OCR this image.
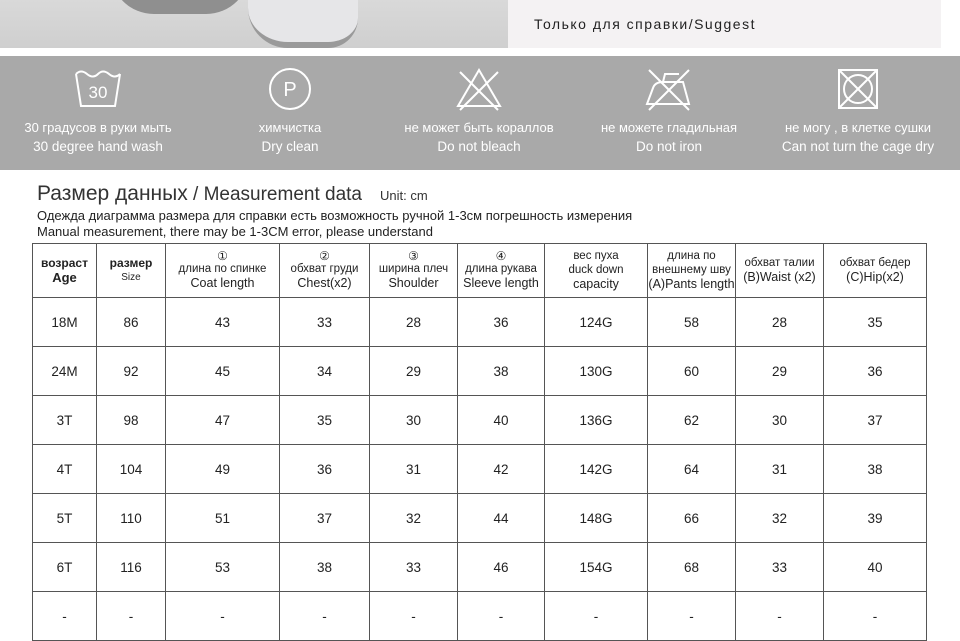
Только для справки/Suggest
30
30 градусов в руки мыть
30 degree hand wash
P
химчистка
Dry clean
не может быть кораллов
Do not bleach
не можете гладильная
Do not iron
не могу , в клетке сушки
Can not turn the cage dry
Размер данных / Measurement data Unit: cm
Одежда диаграмма размера для справки есть возможность ручной 1-3см погрешность измерения
Manual measurement, there may be 1-3CM error, please understand
возраст
Age	размер
Size	①
длина по спинке
Coat length	②
обхват груди
Chest(x2)	③
ширина плеч
Shoulder	④
длина рукава
Sleeve length	вес пуха
duck down
capacity	длина по
внешнему шву
(A)Pants length	обхват талии
(B)Waist (x2)	обхват бедер
(C)Hip(x2)

18M	86	43	33	28	36	124G	58	28	35
24M	92	45	34	29	38	130G	60	29	36
3T	98	47	35	30	40	136G	62	30	37
4T	104	49	36	31	42	142G	64	31	38
5T	110	51	37	32	44	148G	66	32	39
6T	116	53	38	33	46	154G	68	33	40
-	-	-	-	-	-	-	-	-	-
